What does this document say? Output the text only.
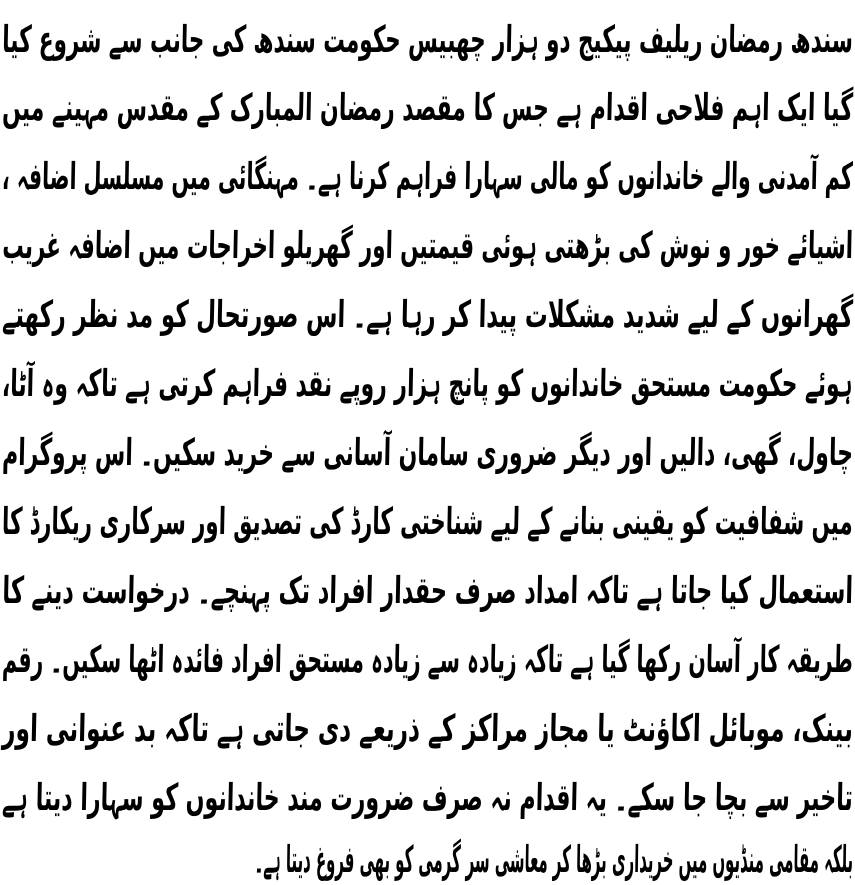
سندھ رمضان ریلیف پیکیج دو ہزار چھبیس حکومت سندھ کی جانب سے شروع کیا
گیا ایک اہم فلاحی اقدام ہے جس کا مقصد رمضان المبارک کے مقدس مہینے میں
کم آمدنی والے خاندانوں کو مالی سہارا فراہم کرنا ہے۔ مہنگائی میں مسلسل اضافہ ،
اشیائے خور و نوش کی بڑھتی ہوئی قیمتیں اور گھریلو اخراجات میں اضافہ غریب
گھرانوں کے لیے شدید مشکلات پیدا کر رہا ہے۔ اس صورتحال کو مد نظر رکھتے
ہوئے حکومت مستحق خاندانوں کو پانچ ہزار روپے نقد فراہم کرتی ہے تاکہ وہ آٹا،
چاول، گھی، دالیں اور دیگر ضروری سامان آسانی سے خرید سکیں۔ اس پروگرام
میں شفافیت کو یقینی بنانے کے لیے شناختی کارڈ کی تصدیق اور سرکاری ریکارڈ کا
استعمال کیا جاتا ہے تاکہ امداد صرف حقدار افراد تک پہنچے۔ درخواست دینے کا
طریقہ کار آسان رکھا گیا ہے تاکہ زیادہ سے زیادہ مستحق افراد فائدہ اٹھا سکیں۔ رقم
بینک، موبائل اکاؤنٹ یا مجاز مراکز کے ذریعے دی جاتی ہے تاکہ بد عنوانی اور
تاخیر سے بچا جا سکے۔ یہ اقدام نہ صرف ضرورت مند خاندانوں کو سہارا دیتا ہے
بلکہ مقامی منڈیوں میں خریداری بڑھا کر معاشی سر گرمی کو بھی فروغ دیتا ہے۔
